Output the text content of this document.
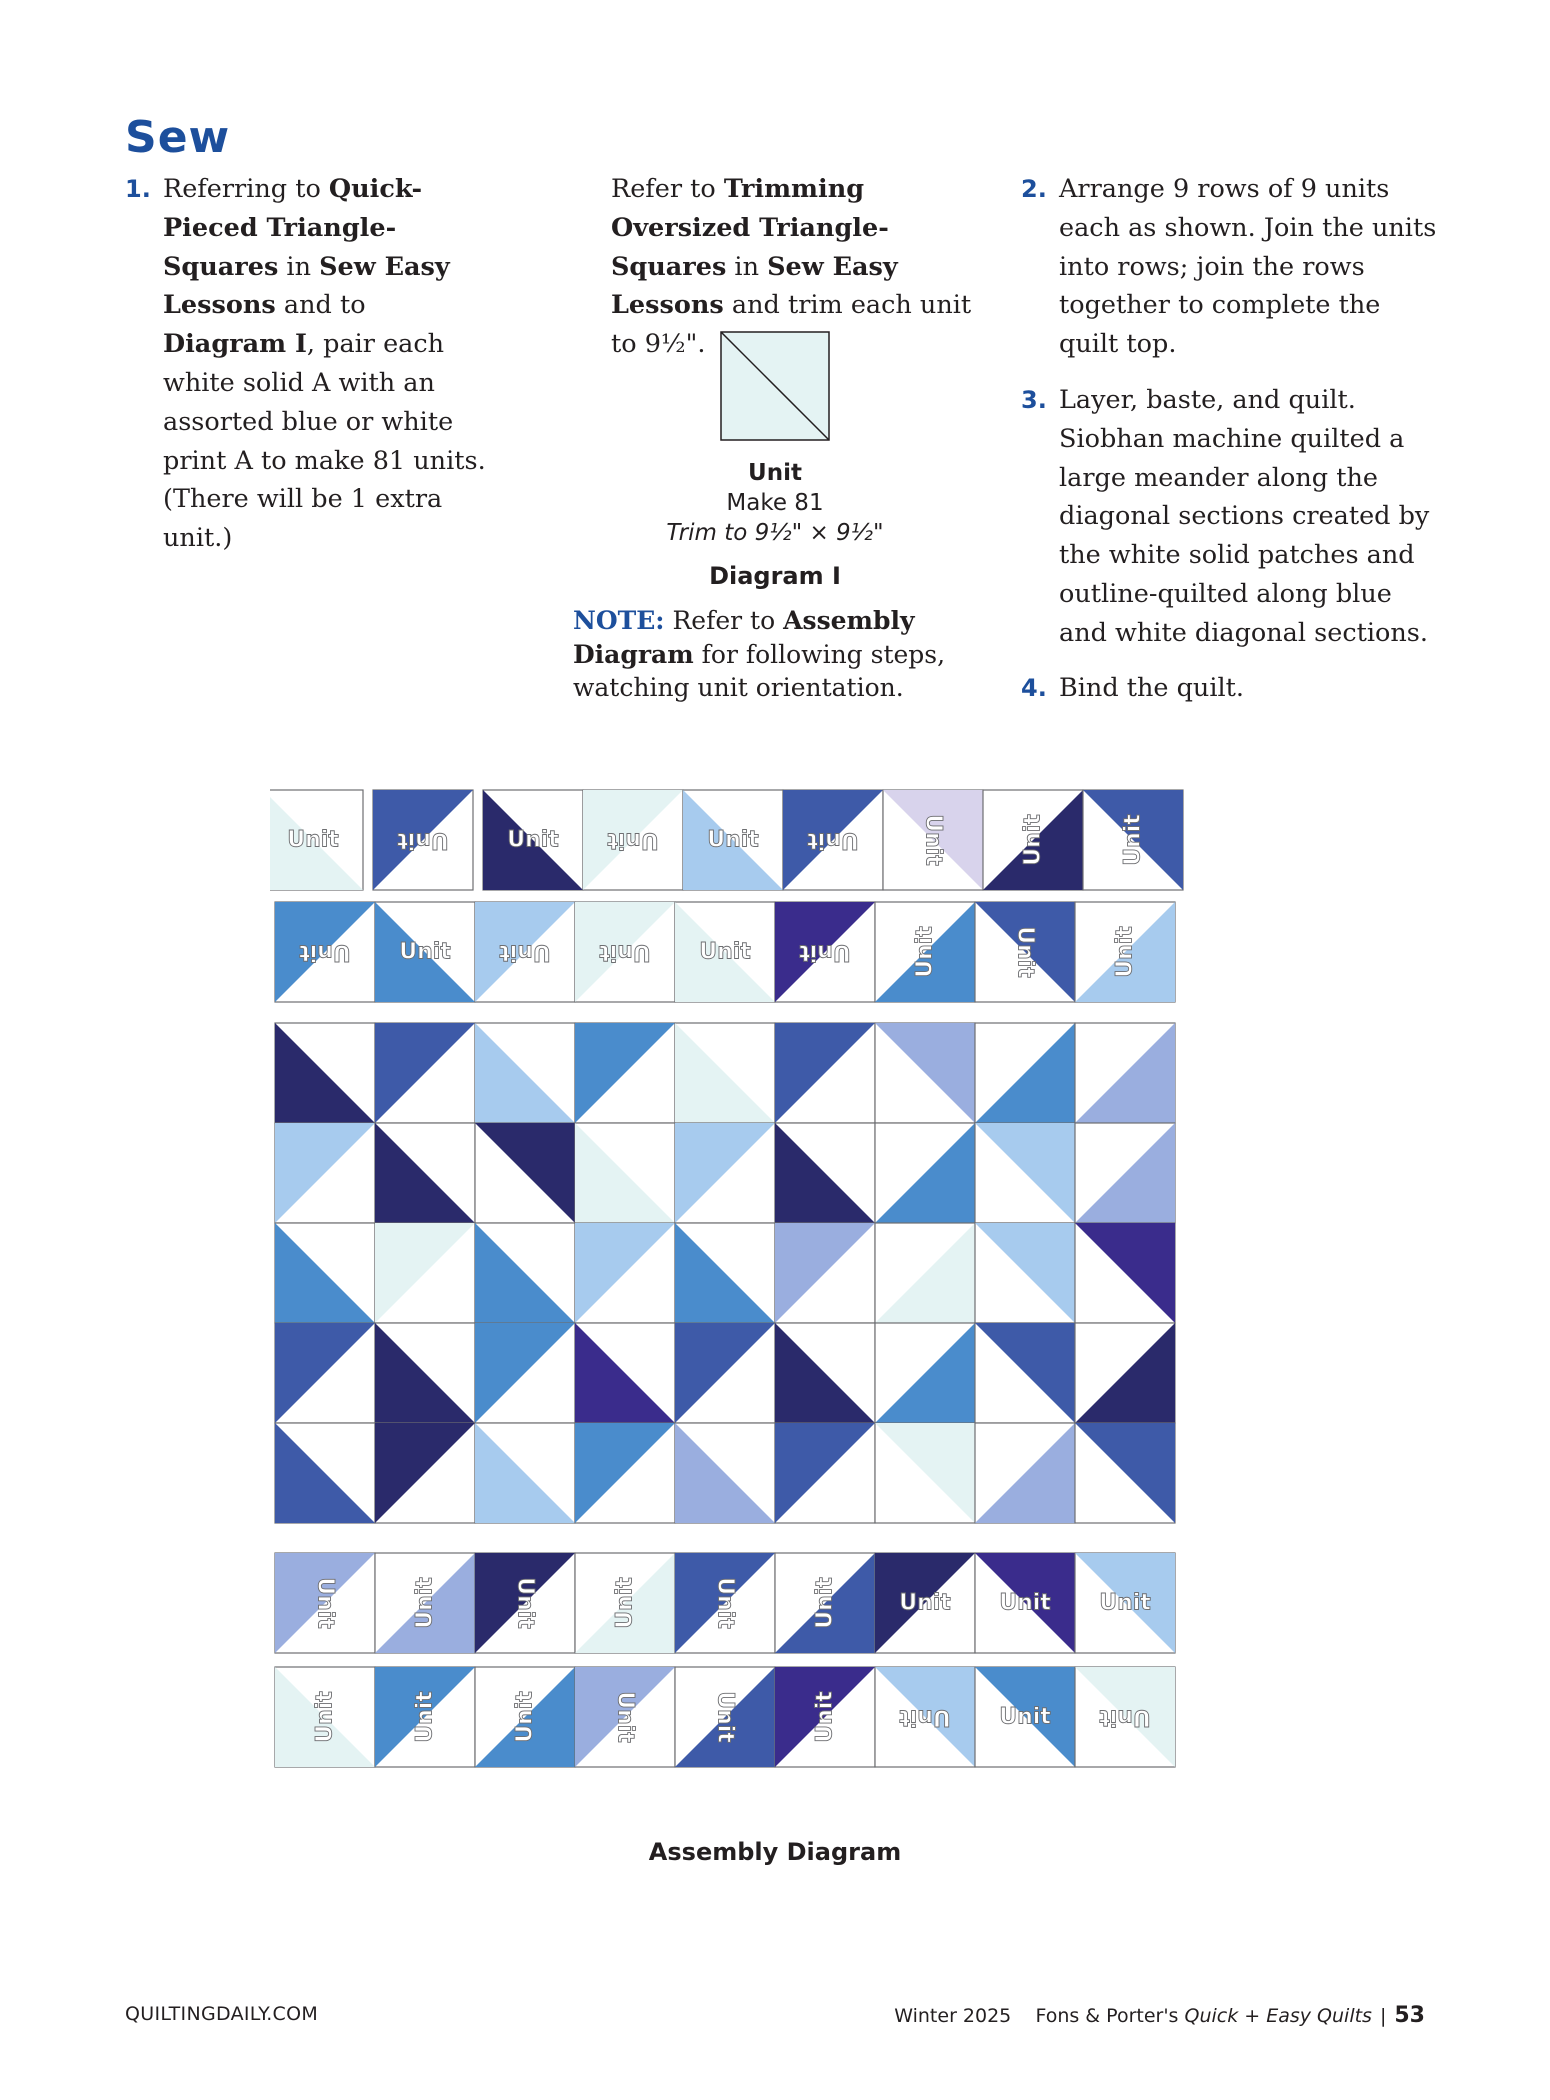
Sew
1. Referring to Quick-Pieced Triangle-Squares in Sew Easy Lessons and to Diagram I, pair each white solid A with an assorted blue or white print A to make 81 units. (There will be 1 extra unit.)
Refer to Trimming Oversized Triangle-Squares in Sew Easy Lessons and trim each unit to 9½".
Unit
Make 81
Trim to 9½" × 9½"
Diagram I
NOTE: Refer to Assembly Diagram for following steps, watching unit orientation.
2. Arrange 9 rows of 9 units each as shown. Join the units into rows; join the rows together to complete the quilt top.
3. Layer, baste, and quilt. Siobhan machine quilted a large meander along the diagonal sections created by the white solid patches and outline-quilted along blue and white diagonal sections.
4. Bind the quilt.
Unit	Unit	Unit Unit Unit Unit	Unit	Unit	Unit
Unit Unit Unit Unit Unit Unit	Unit	Unit	Unit
Unit	Unit	Unit	Unit	Unit	Unit	Unit Unit Unit
Unit	Unit	Unit	Unit	Unit	Unit	Unit Unit Unit
Assembly Diagram
QUILTINGDAILY.COM	Winter 2025 Fons & Porter's Quick + Easy Quilts | 53
